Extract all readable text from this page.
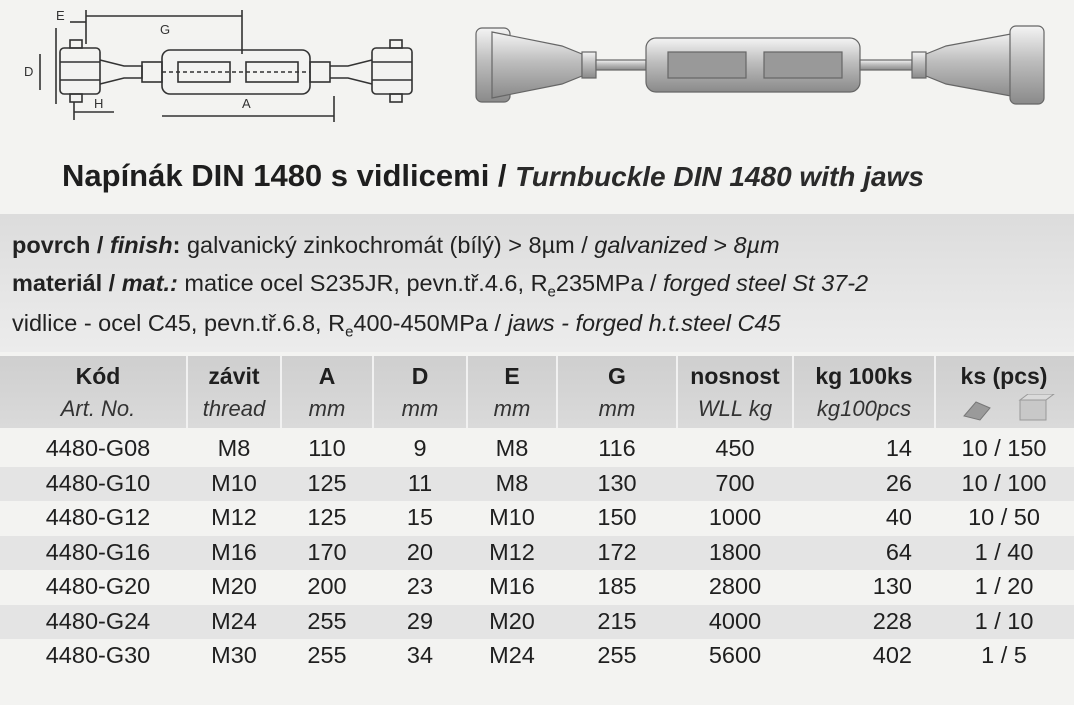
E
G
D
H	A
Napínák DIN 1480 s vidlicemi / Turnbuckle DIN 1480 with jaws
povrch / finish: galvanický zinkochromát (bílý) > 8µm / galvanized > 8µm
materiál / mat.: matice ocel S235JR, pevn.tř.4.6, $R_e235MPa$ / forged steel St 37-2
vidlice - ocel C45, pevn.tř.6.8, $R_e400-450MPa$ / jaws - forged h.t.steel C45
Kód	závit	A	D	E	G	nosnost	kg 100ks	ks (pcs)
Art. No.	thread	mm	mm	mm	mm	WLL kg	kg100pcs
4480-G08	M8	110	9	M8	116	450	14	10 / 150
4480-G10	M10	125	11	M8	130	700	26	10 / 100
4480-G12	M12	125	15	M10	150	1000	40	10 / 50
4480-G16	M16	170	20	M12	172	1800	64	1 / 40
4480-G20	M20	200	23	M16	185	2800	130	1 / 20
4480-G24	M24	255	29	M20	215	4000	228	1 / 10
4480-G30	M30	255	34	M24	255	5600	402	1 / 5
